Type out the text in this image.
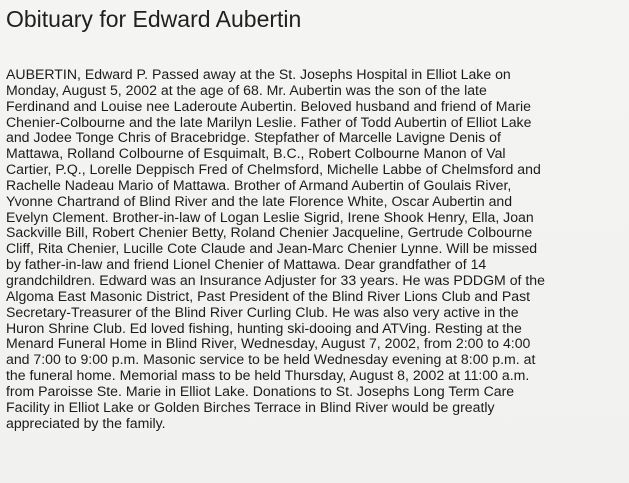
Obituary for Edward Aubertin
AUBERTIN, Edward P. Passed away at the St. Josephs Hospital in Elliot Lake on
Monday, August 5, 2002 at the age of 68. Mr. Aubertin was the son of the late
Ferdinand and Louise nee Laderoute Aubertin. Beloved husband and friend of Marie
Chenier-Colbourne and the late Marilyn Leslie. Father of Todd Aubertin of Elliot Lake
and Jodee Tonge Chris of Bracebridge. Stepfather of Marcelle Lavigne Denis of
Mattawa, Rolland Colbourne of Esquimalt, B.C., Robert Colbourne Manon of Val
Cartier, P.Q., Lorelle Deppisch Fred of Chelmsford, Michelle Labbe of Chelmsford and
Rachelle Nadeau Mario of Mattawa. Brother of Armand Aubertin of Goulais River,
Yvonne Chartrand of Blind River and the late Florence White, Oscar Aubertin and
Evelyn Clement. Brother-in-law of Logan Leslie Sigrid, Irene Shook Henry, Ella, Joan
Sackville Bill, Robert Chenier Betty, Roland Chenier Jacqueline, Gertrude Colbourne
Cliff, Rita Chenier, Lucille Cote Claude and Jean-Marc Chenier Lynne. Will be missed
by father-in-law and friend Lionel Chenier of Mattawa. Dear grandfather of 14
grandchildren. Edward was an Insurance Adjuster for 33 years. He was PDDGM of the
Algoma East Masonic District, Past President of the Blind River Lions Club and Past
Secretary-Treasurer of the Blind River Curling Club. He was also very active in the
Huron Shrine Club. Ed loved fishing, hunting ski-dooing and ATVing. Resting at the
Menard Funeral Home in Blind River, Wednesday, August 7, 2002, from 2:00 to 4:00
and 7:00 to 9:00 p.m. Masonic service to be held Wednesday evening at 8:00 p.m. at
the funeral home. Memorial mass to be held Thursday, August 8, 2002 at 11:00 a.m.
from Paroisse Ste. Marie in Elliot Lake. Donations to St. Josephs Long Term Care
Facility in Elliot Lake or Golden Birches Terrace in Blind River would be greatly
appreciated by the family.
